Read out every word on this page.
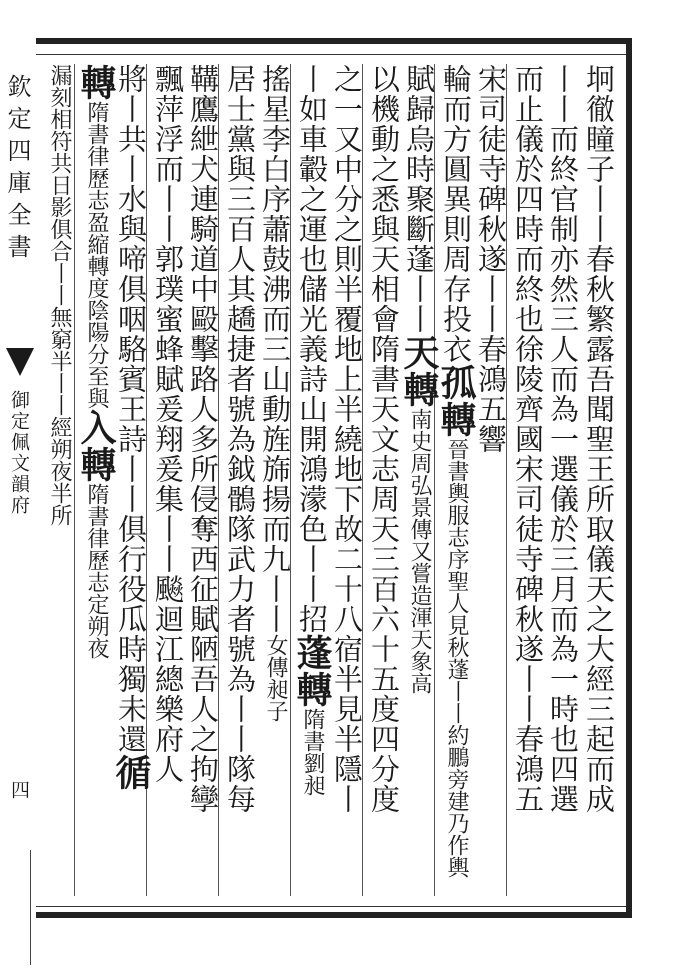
欽定四庫全書
御定佩文韻府
四	坰徹瞳子丨丨春秋繁露吾聞聖王所取儀天之大經三起而成
丨丨而終官制亦然三人而為一選儀於三月而為一時也四選
而止儀於四時而終也徐陵齊國宋司徒寺碑秋遂丨丨春鴻五
宋司徒寺碑秋遂丨丨春鴻五響
輪而方圓異則周存投衣孤轉晉書輿服志序聖人見秋蓬丨丨約鵬旁建乃作輿
賦歸烏時聚斷蓬丨丨天轉南史周弘景傳又嘗造渾天象高
以機動之悉與天相會隋書天文志周天三百六十五度四分度
之一又中分之則半覆地上半繞地下故二十八宿半見半隱丨
丨如車轂之運也儲光義詩山開鴻濛色丨丨招蓬轉隋書劉昶
搖星李白序蕭鼓沸而三山動旌旆揚而九丨丨女傳昶子
居士黨與三百人其趫捷者號為鉞鶻隊武力者號為丨丨隊每
鞲鷹紲犬連騎道中毆擊路人多所侵奪西征賦陋吾人之拘孿
飄萍浮而丨丨郭璞蜜蜂賦爰翔爰集丨丨飈迴江總樂府人
將丨共丨水與啼俱咽駱賓王詩丨丨俱行役瓜時獨未還循
轉隋書律歷志盈縮轉度陰陽分至與入轉隋書律歷志定朔夜
漏刻相符共日影俱合丨丨無窮半丨丨經朔夜半所
